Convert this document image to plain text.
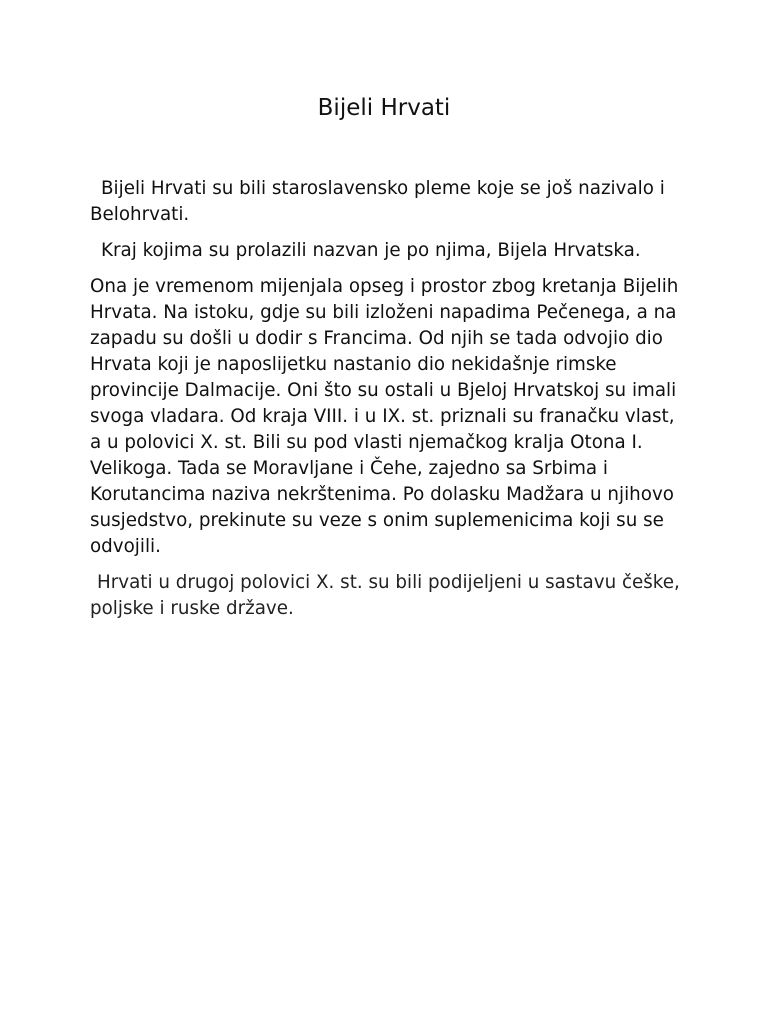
Bijeli Hrvati

Bijeli Hrvati su bili staroslavensko pleme koje se još nazivalo i Belohrvati.

Kraj kojima su prolazili nazvan je po njima, Bijela Hrvatska.

Ona je vremenom mijenjala opseg i prostor zbog kretanja Bijelih Hrvata. Na istoku, gdje su bili izloženi napadima Pečenega, a na zapadu su došli u dodir s Francima. Od njih se tada odvojio dio Hrvata koji je naposlijetku nastanio dio nekidašnje rimske provincije Dalmacije. Oni što su ostali u Bjeloj Hrvatskoj su imali svoga vladara. Od kraja VIII. i u IX. st. priznali su franačku vlast, a u polovici X. st. Bili su pod vlasti njemačkog kralja Otona I. Velikoga. Tada se Moravljane i Čehe, zajedno sa Srbima i Korutancima naziva nekrštenima. Po dolasku Madžara u njihovo susjedstvo, prekinute su veze s onim suplemenicima koji su se odvojili.

Hrvati u drugoj polovici X. st. su bili podijeljeni u sastavu češke, poljske i ruske države.
